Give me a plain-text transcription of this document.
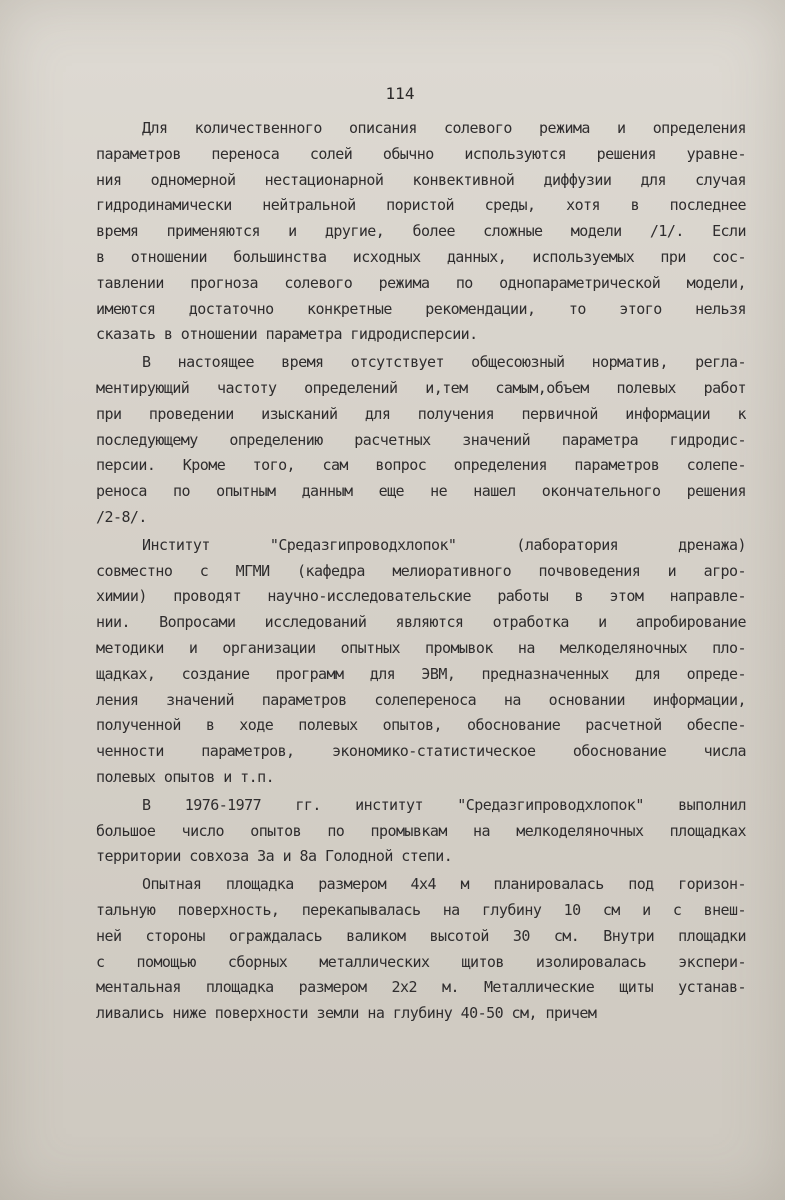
114
Для количественного описания солевого режима и определения
параметров переноса солей обычно используются решения уравне-
ния одномерной нестационарной конвективной диффузии для случая
гидродинамически нейтральной пористой среды, хотя в последнее
время применяются и другие, более сложные модели /1/. Если
в отношении большинства исходных данных, используемых при сос-
тавлении прогноза солевого режима по однопараметрической модели,
имеются достаточно конкретные рекомендации, то этого нельзя
сказать в отношении параметра гидродисперсии.
В настоящее время отсутствует общесоюзный норматив, регла-
ментирующий частоту определений и,тем самым,объем полевых работ
при проведении изысканий для получения первичной информации к
последующему определению расчетных значений параметра гидродис-
персии. Кроме того, сам вопрос определения параметров солепе-
реноса по опытным данным еще не нашел окончательного решения
/2-8/.
Институт "Средазгипроводхлопок" (лаборатория дренажа)
совместно с МГМИ (кафедра мелиоративного почвоведения и агро-
химии) проводят научно-исследовательские работы в этом направле-
нии. Вопросами исследований являются отработка и апробирование
методики и организации опытных промывок на мелкоделяночных пло-
щадках, создание программ для ЭВМ, предназначенных для опреде-
ления значений параметров солепереноса на основании информации,
полученной в ходе полевых опытов, обоснование расчетной обеспе-
ченности параметров, экономико-статистическое обоснование числа
полевых опытов и т.п.
В 1976-1977 гг. институт "Средазгипроводхлопок" выполнил
большое число опытов по промывкам на мелкоделяночных площадках
территории совхоза 3а и 8а Голодной степи.
Опытная площадка размером 4х4 м планировалась под горизон-
тальную поверхность, перекапывалась на глубину 10 см и с внеш-
ней стороны ограждалась валиком высотой 30 см. Внутри площадки
с помощью сборных металлических щитов изолировалась экспери-
ментальная площадка размером 2х2 м. Металлические щиты устанав-
ливались ниже поверхности земли на глубину 40-50 см, причем
